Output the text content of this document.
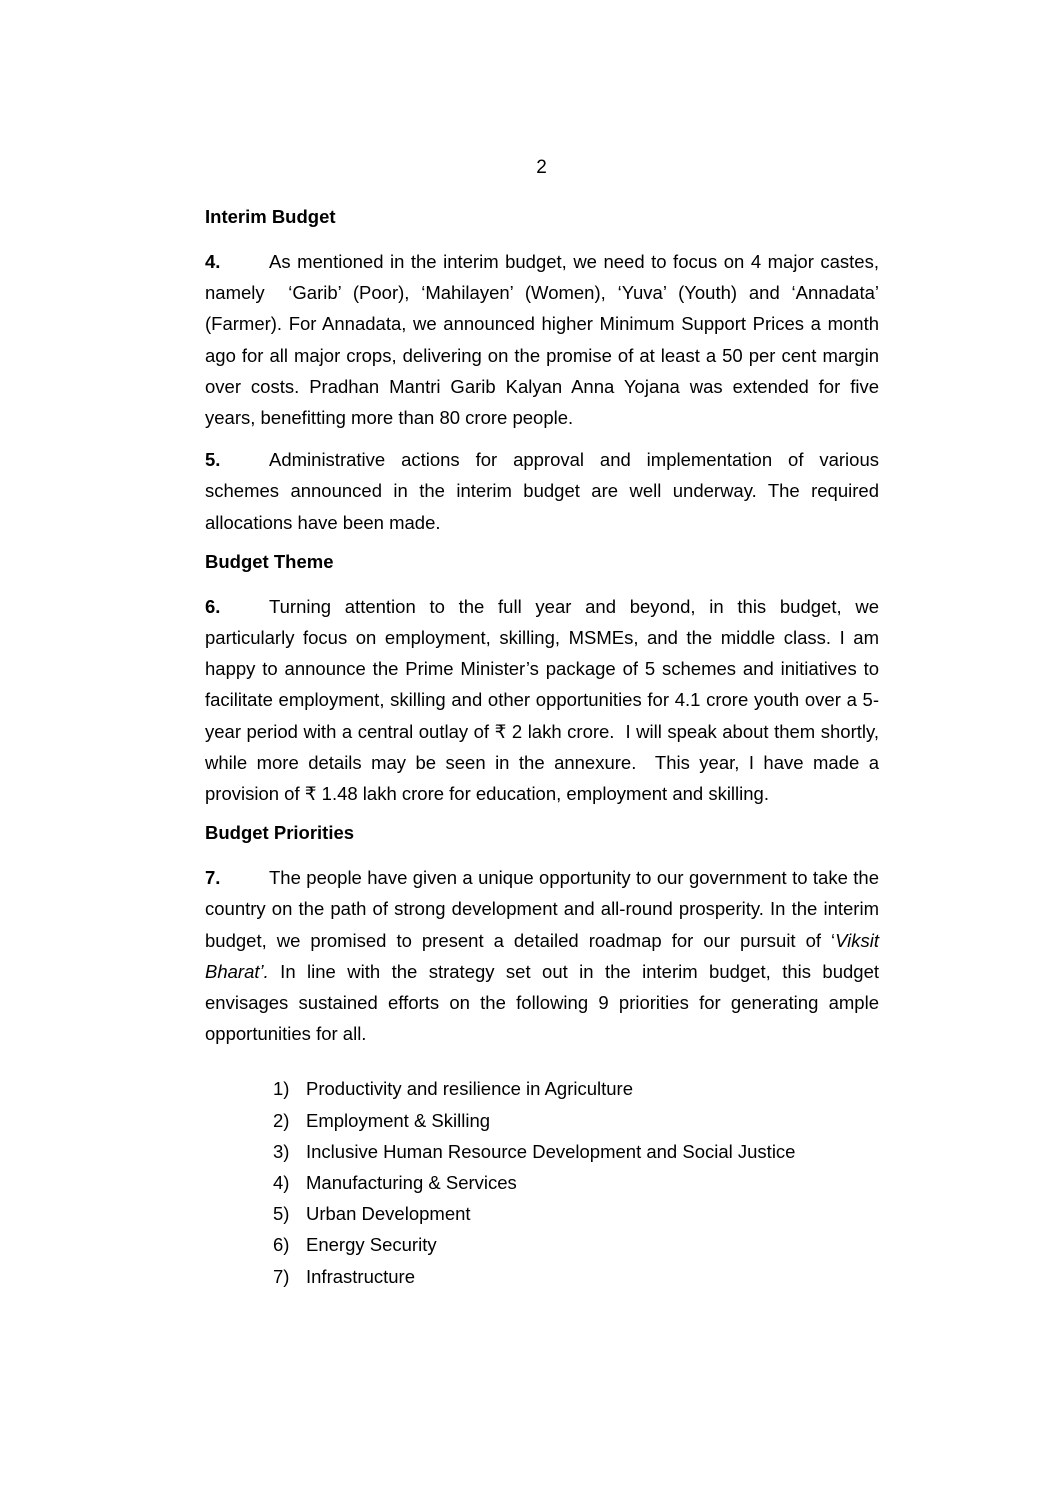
2
Interim Budget

4.	As mentioned in the interim budget, we need to focus on 4 major castes, namely  ‘Garib’ (Poor), ‘Mahilayen’ (Women), ‘Yuva’ (Youth) and ‘Annadata’ (Farmer). For Annadata, we announced higher Minimum Support Prices a month ago for all major crops, delivering on the promise of at least a 50 per cent margin over costs. Pradhan Mantri Garib Kalyan Anna Yojana was extended for five years, benefitting more than 80 crore people.

5.	Administrative actions for approval and implementation of various schemes announced in the interim budget are well underway. The required allocations have been made.

Budget Theme

6.	Turning attention to the full year and beyond, in this budget, we particularly focus on employment, skilling, MSMEs, and the middle class. I am happy to announce the Prime Minister’s package of 5 schemes and initiatives to facilitate employment, skilling and other opportunities for 4.1 crore youth over a 5-year period with a central outlay of ₹ 2 lakh crore.  I will speak about them shortly, while more details may be seen in the annexure.  This year, I have made a provision of ₹ 1.48 lakh crore for education, employment and skilling.

Budget Priorities

7.	The people have given a unique opportunity to our government to take the country on the path of strong development and all-round prosperity. In the interim budget, we promised to present a detailed roadmap for our pursuit of ‘Viksit Bharat’. In line with the strategy set out in the interim budget, this budget envisages sustained efforts on the following 9 priorities for generating ample opportunities for all.

1) Productivity and resilience in Agriculture
2) Employment & Skilling
3) Inclusive Human Resource Development and Social Justice
4) Manufacturing & Services
5) Urban Development
6) Energy Security
7) Infrastructure
